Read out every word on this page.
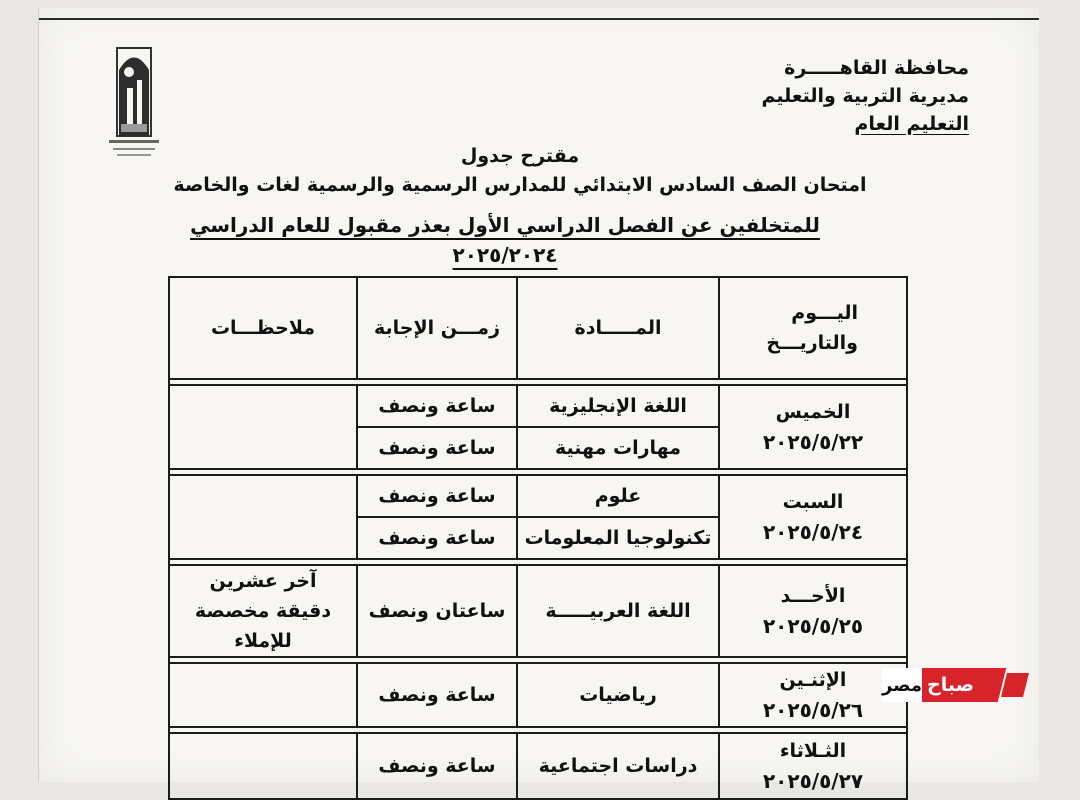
محافظة القاهـــــرة
مديرية التربية والتعليم
التعليم العام
مقترح جدول
امتحان الصف السادس الابتدائي للمدارس الرسمية والرسمية لغات والخاصة
للمتخلفين عن الفصل الدراسي الأول بعذر مقبول للعام الدراسي ٢٠٢٥/٢٠٢٤
اليـــوم والتاريـــخ	المـــــادة	زمـــن الإجابة	ملاحظـــات

الخميس
٢٠٢٥/٥/٢٢	اللغة الإنجليزية	ساعة ونصف	
	مهارات مهنية	ساعة ونصف	

السبت
٢٠٢٥/٥/٢٤	علوم	ساعة ونصف	
	تكنولوجيا المعلومات	ساعة ونصف	

الأحـــد
٢٠٢٥/٥/٢٥	اللغة العربيـــــة	ساعتان ونصف	آخر عشرين دقيقة مخصصة للإملاء

الإثنـين
٢٠٢٥/٥/٢٦	رياضيات	ساعة ونصف	

الثـلاثاء
٢٠٢٥/٥/٢٧	دراسات اجتماعية	ساعة ونصف	
صباح
مصر
